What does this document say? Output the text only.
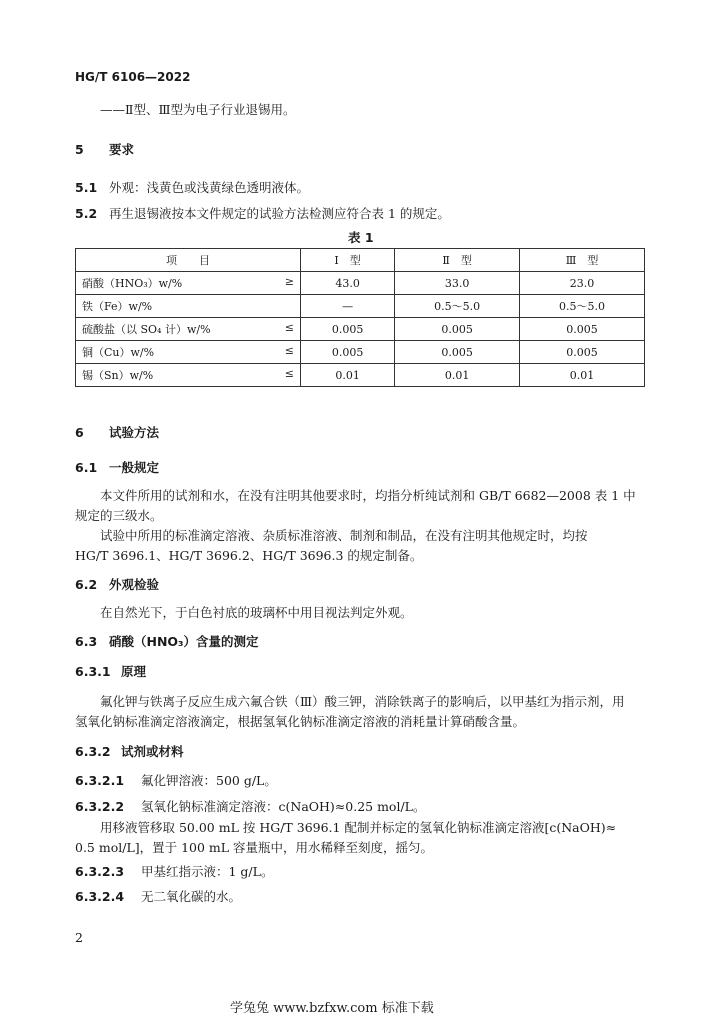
HG/T 6106—2022
——Ⅱ型、Ⅲ型为电子行业退锡用。
5 要求
5.1 外观：浅黄色或浅黄绿色透明液体。
5.2 再生退锡液按本文件规定的试验方法检测应符合表 1 的规定。
表 1
项　　目	Ⅰ　型	Ⅱ　型	Ⅲ　型

硝酸（HNO₃）w/% ≥	43.0	33.0	23.0

铁（Fe）w/%	—	0.5～5.0	0.5～5.0

硫酸盐（以 SO₄ 计）w/% ≤	0.005	0.005	0.005

铜（Cu）w/% ≤	0.005	0.005	0.005

锡（Sn）w/% ≤	0.01	0.01	0.01
6 试验方法
6.1 一般规定
本文件所用的试剂和水，在没有注明其他要求时，均指分析纯试剂和 GB/T 6682—2008 表 1 中
规定的三级水。
试验中所用的标准滴定溶液、杂质标准溶液、制剂和制品，在没有注明其他规定时，均按
HG/T 3696.1、HG/T 3696.2、HG/T 3696.3 的规定制备。
6.2 外观检验
在自然光下，于白色衬底的玻璃杯中用目视法判定外观。
6.3 硝酸（HNO₃）含量的测定
6.3.1 原理
氟化钾与铁离子反应生成六氟合铁（Ⅲ）酸三钾，消除铁离子的影响后，以甲基红为指示剂，用
氢氧化钠标准滴定溶液滴定，根据氢氧化钠标准滴定溶液的消耗量计算硝酸含量。
6.3.2 试剂或材料
6.3.2.1 氟化钾溶液：500 g/L。
6.3.2.2 氢氧化钠标准滴定溶液：c(NaOH)≈0.25 mol/L。
用移液管移取 50.00 mL 按 HG/T 3696.1 配制并标定的氢氧化钠标准滴定溶液[c(NaOH)≈
0.5 mol/L]，置于 100 mL 容量瓶中，用水稀释至刻度，摇匀。
6.3.2.3 甲基红指示液：1 g/L。
6.3.2.4 无二氧化碳的水。
2
学兔兔 www.bzfxw.com 标准下载
